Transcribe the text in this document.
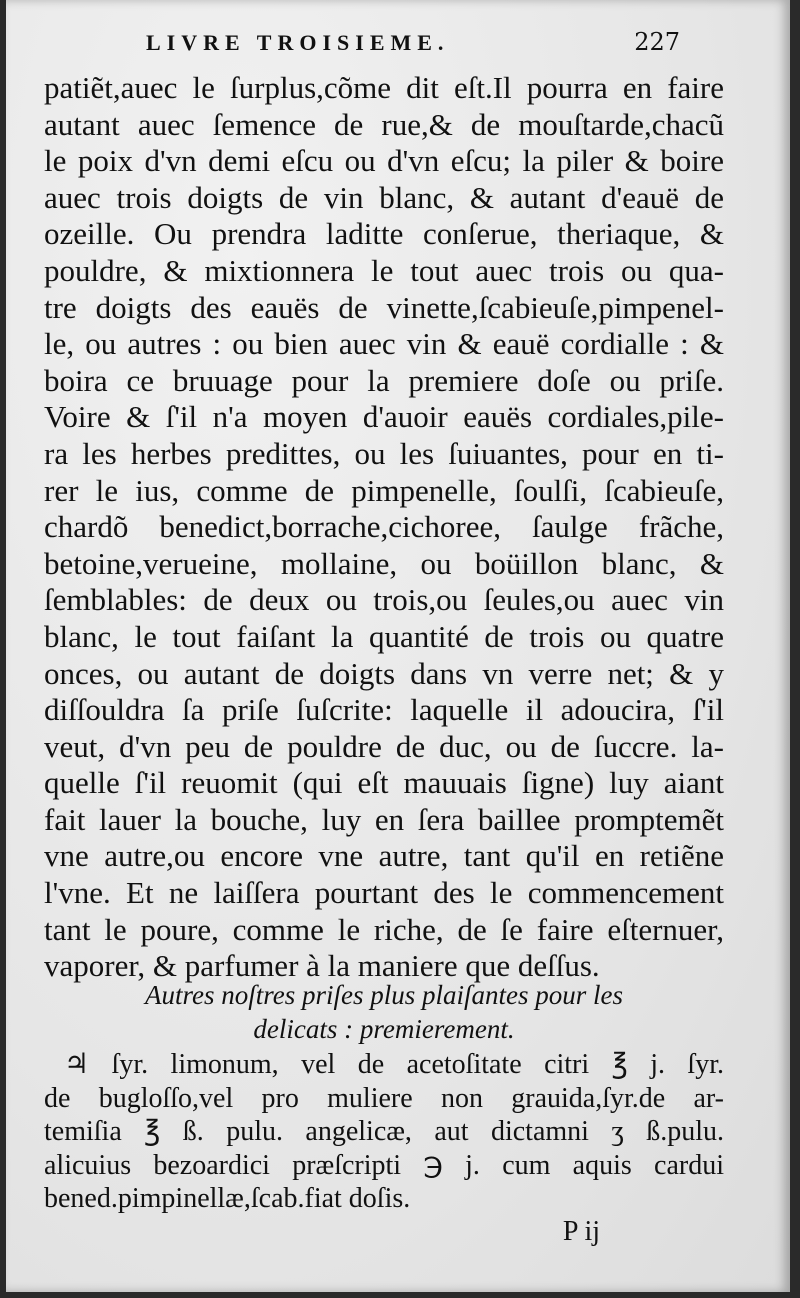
LIVRE TROISIEME.	227
patiẽt,auec le ſurplus,cõme dit eſt.Il pourra en faire
autant auec ſemence de rue,& de mouſtarde,chacũ
le poix d'vn demi eſcu ou d'vn eſcu; la piler & boire
auec trois doigts de vin blanc, & autant d'eauë de
ozeille. Ou prendra laditte conſerue, theriaque, &
pouldre, & mixtionnera le tout auec trois ou qua-
tre doigts des eauës de vinette,ſcabieuſe,pimpenel-
le, ou autres : ou bien auec vin & eauë cordialle : &
boira ce bruuage pour la premiere doſe ou priſe.
Voire & ſ'il n'a moyen d'auoir eauës cordiales,pile-
ra les herbes predittes, ou les ſuiuantes, pour en ti-
rer le ius, comme de pimpenelle, ſoulſi, ſcabieuſe,
chardõ benedict,borrache,cichoree, ſaulge frãche,
betoine,verueine, mollaine, ou boüillon blanc, &
ſemblables: de deux ou trois,ou ſeules,ou auec vin
blanc, le tout faiſant la quantité de trois ou quatre
onces, ou autant de doigts dans vn verre net; & y
diſſouldra ſa priſe ſuſcrite: laquelle il adoucira, ſ'il
veut, d'vn peu de pouldre de duc, ou de ſuccre. la-
quelle ſ'il reuomit (qui eſt mauuais ſigne) luy aiant
fait lauer la bouche, luy en ſera baillee promptemẽt
vne autre,ou encore vne autre, tant qu'il en retiẽne
l'vne. Et ne laiſſera pourtant des le commencement
tant le poure, comme le riche, de ſe faire eſternuer,
vaporer, & parfumer à la maniere que deſſus.
Autres noſtres priſes plus plaiſantes pour les
delicats : premierement.
♃ ſyr. limonum, vel de acetoſitate citri ℥ j. ſyr.
de bugloſſo,vel pro muliere non grauida,ſyr.de ar-
temiſia ℥ ß. pulu. angelicæ, aut dictamni ʒ ß.pulu.
alicuius bezoardici præſcripti ℈ j. cum aquis cardui
bened.pimpinellæ,ſcab.fiat doſis.
P ij
